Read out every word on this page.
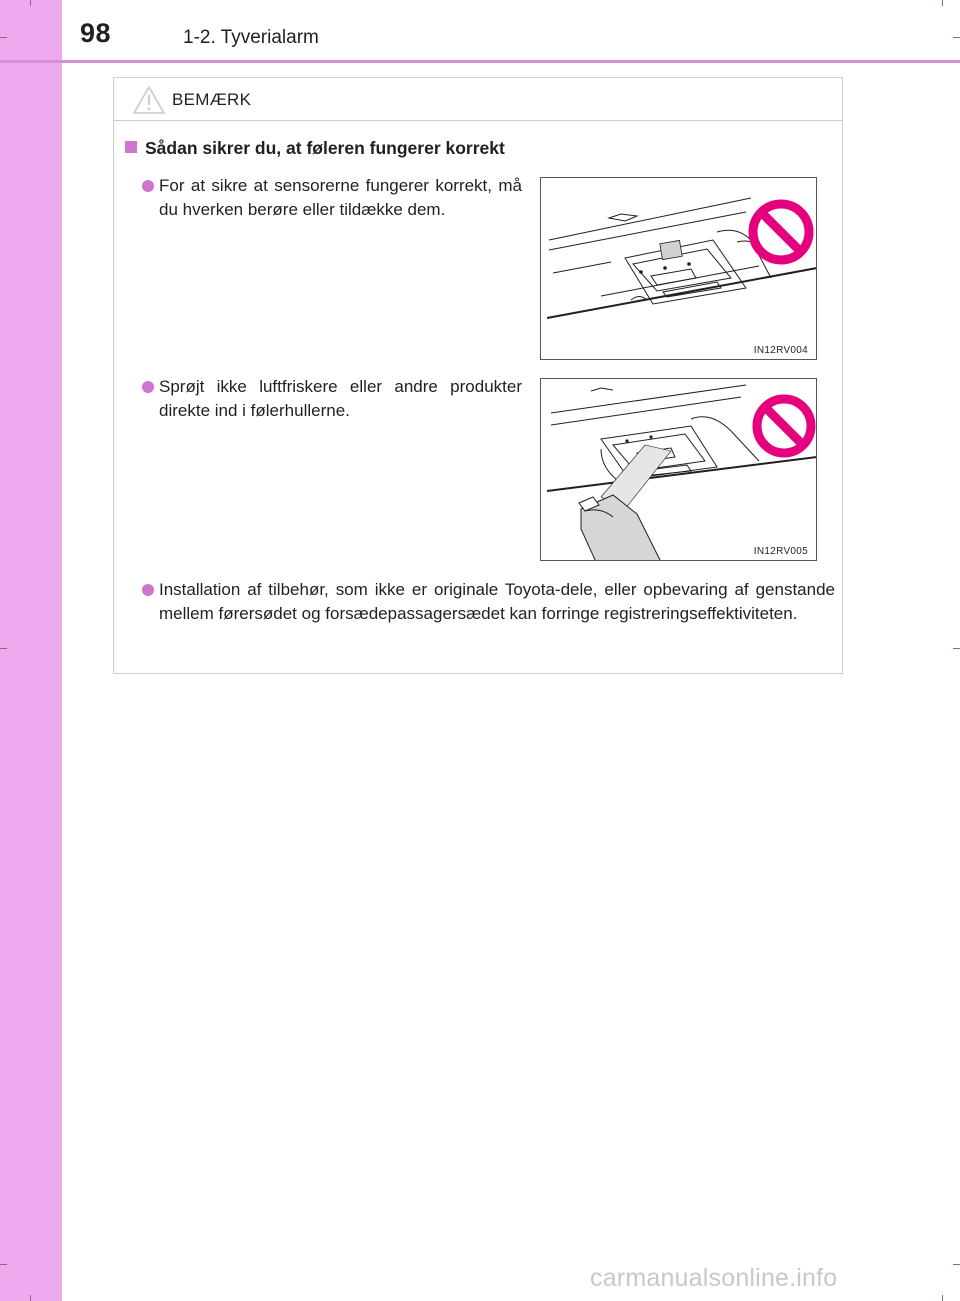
98	1-2. Tyverialarm
BEMÆRK
Sådan sikrer du, at føleren fungerer korrekt
For at sikre at sensorerne fungerer korrekt, må du hverken berøre eller tildække dem.
IN12RV004
Sprøjt ikke luftfriskere eller andre produkter direkte ind i følerhullerne.
IN12RV005
Installation af tilbehør, som ikke er originale Toyota-dele, eller opbevaring af genstande mellem førersødet og forsædepassagersædet kan forringe registreringseffektiviteten.
carmanualsonline.info
